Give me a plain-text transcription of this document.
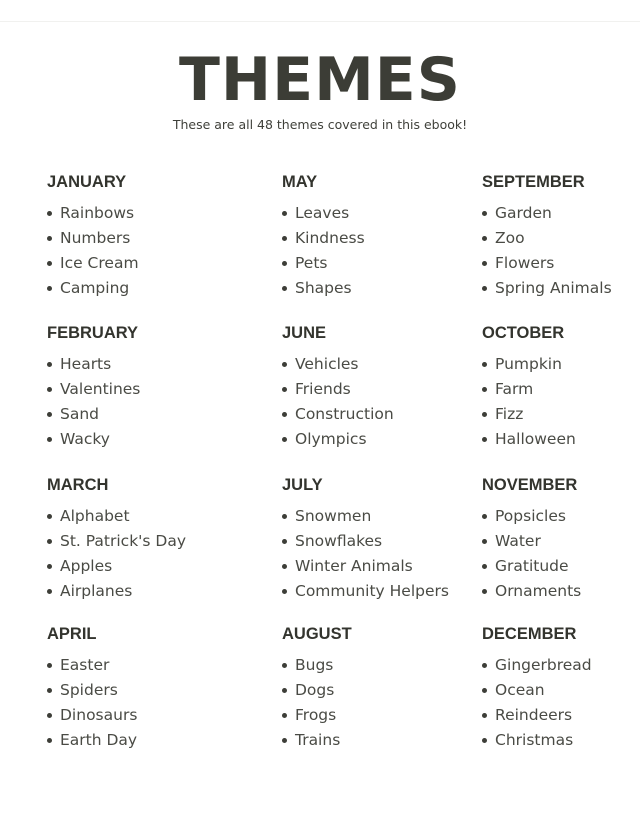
THEMES

These are all 48 themes covered in this ebook!

JANUARY
Rainbows
Numbers
Ice Cream
Camping
FEBRUARY
Hearts
Valentines
Sand
Wacky
MARCH
Alphabet
St. Patrick's Day
Apples
Airplanes
APRIL
Easter
Spiders
Dinosaurs
Earth Day
MAY
Leaves
Kindness
Pets
Shapes
JUNE
Vehicles
Friends
Construction
Olympics
JULY
Snowmen
Snowflakes
Winter Animals
Community Helpers
AUGUST
Bugs
Dogs
Frogs
Trains
SEPTEMBER
Garden
Zoo
Flowers
Spring Animals
OCTOBER
Pumpkin
Farm
Fizz
Halloween
NOVEMBER
Popsicles
Water
Gratitude
Ornaments
DECEMBER
Gingerbread
Ocean
Reindeers
Christmas
